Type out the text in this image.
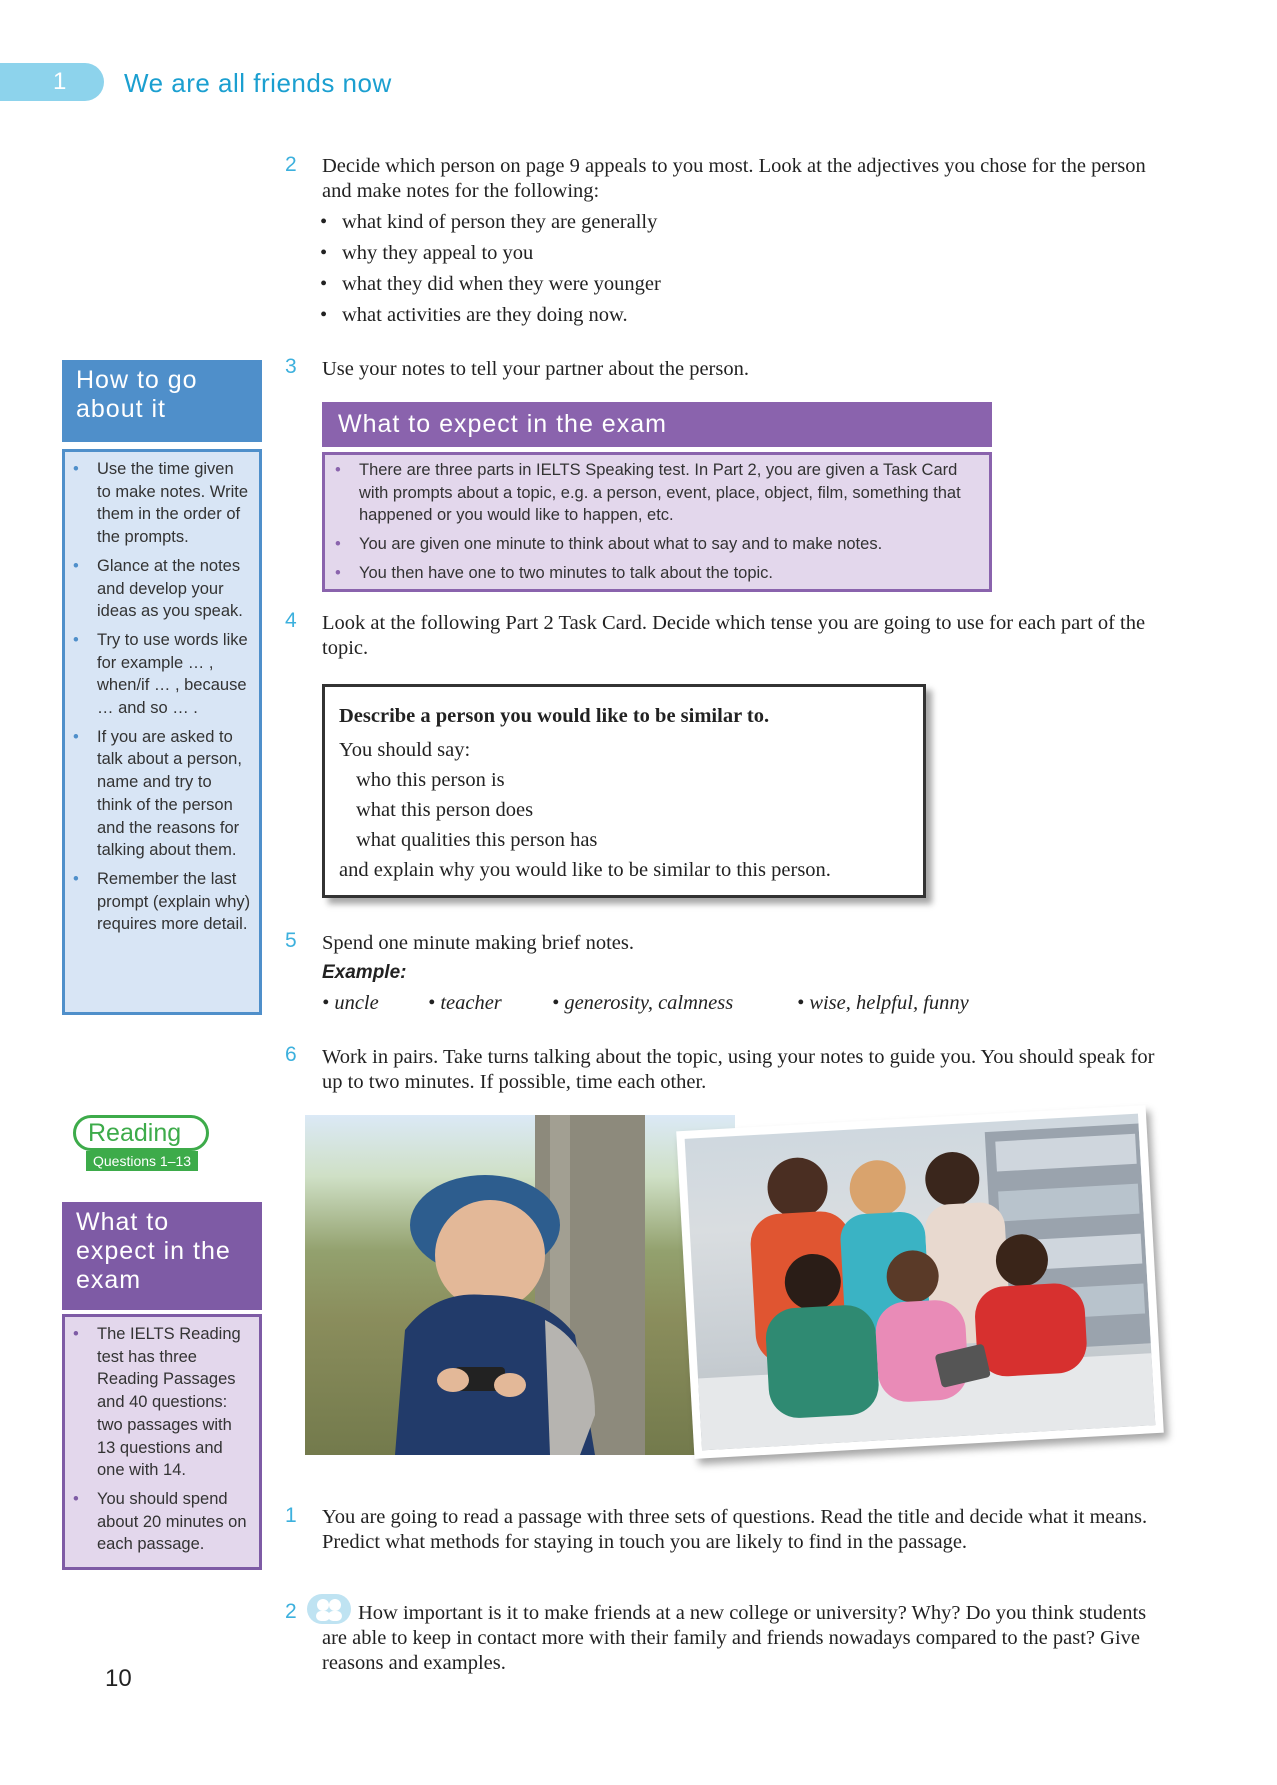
1 We are all friends now
2 Decide which person on page 9 appeals to you most. Look at the adjectives you chose for the person and make notes for the following:
• what kind of person they are generally
• why they appeal to you
• what they did when they were younger
• what activities are they doing now.
3 Use your notes to tell your partner about the person.
What to expect in the exam
• There are three parts in IELTS Speaking test. In Part 2, you are given a Task Card with prompts about a topic, e.g. a person, event, place, object, film, something that happened or you would like to happen, etc.
• You are given one minute to think about what to say and to make notes.
• You then have one to two minutes to talk about the topic.
4 Look at the following Part 2 Task Card. Decide which tense you are going to use for each part of the topic.
Describe a person you would like to be similar to.
You should say:
who this person is
what this person does
what qualities this person has
and explain why you would like to be similar to this person.
5 Spend one minute making brief notes.
Example:
• uncle • teacher • generosity, calmness	• wise, helpful, funny
6 Work in pairs. Take turns talking about the topic, using your notes to guide you. You should speak for up to two minutes. If possible, time each other.
How to go about it
• Use the time given to make notes. Write them in the order of the prompts.
• Glance at the notes and develop your ideas as you speak.
• Try to use words like for example … , when/if … , because … and so … .
• If you are asked to talk about a person, name and try to think of the person and the reasons for talking about them.
• Remember the last prompt (explain why) requires more detail.
Reading
Questions 1–13
What to expect in the exam
• The IELTS Reading test has three Reading Passages and 40 questions: two passages with 13 questions and one with 14.
• You should spend about 20 minutes on each passage.
1 You are going to read a passage with three sets of questions. Read the title and decide what it means. Predict what methods for staying in touch you are likely to find in the passage.
2	How important is it to make friends at a new college or university? Why? Do you think students are able to keep in contact more with their family and friends nowadays compared to the past? Give reasons and examples.
10
